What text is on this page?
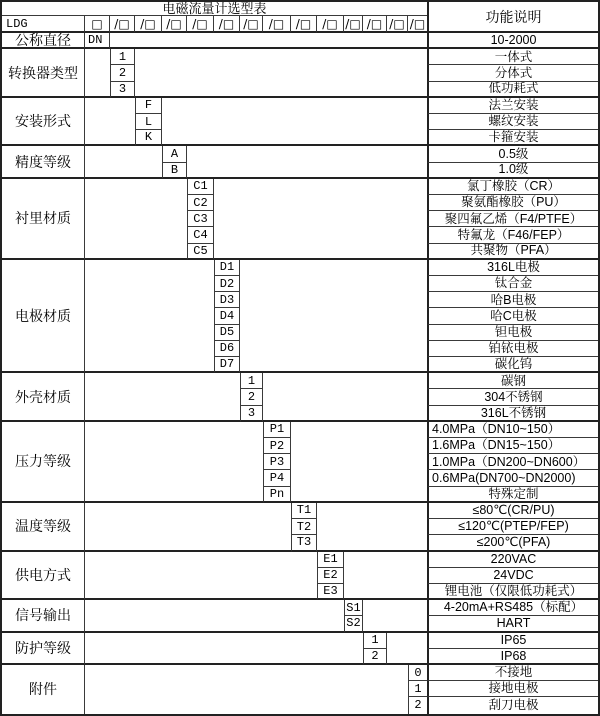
电磁流量计选型表	功能说明
LDG	□ /□ /□ /□ /□ /□ /□ /□ /□ /□ /□ /□ /□ /□
公称直径	DN	10-2000
转换器类型
1	一体式
2	分体式
3	低功耗式
安装形式
F	法兰安装
L	螺纹安装
K	卡箍安装
精度等级	A	0.5级
B	1.0级
衬里材质
C1	氯丁橡胶（CR）
C2	聚氨酯橡胶（PU）
C3	聚四氟乙烯（F4/PTFE）
C4	特氟龙（F46/FEP）
C5	共聚物（PFA）
电极材质
D1	316L电极
D2	钛合金
D3	哈B电极
D4	哈C电极
D5	钽电极
D6	铂铱电极
D7	碳化钨
外壳材质
1	碳钢
2	304不锈钢
3	316L不锈钢
压力等级
P1	4.0MPa（DN10~150）
P2	1.6MPa（DN15~150）
P3	1.0MPa（DN200~DN600）
P4	0.6MPa(DN700~DN2000)
Pn	特殊定制
温度等级
T1	≤80℃(CR/PU)
T2	≤120℃(PTEP/FEP)
T3	≤200℃(PFA)
供电方式
E1	220VAC
E2	24VDC
E3	锂电池（仅限低功耗式）
信号输出	S1	4-20mA+RS485（标配）
S2	HART
防护等级	1	IP65
2	IP68
附件
0	不接地
1	接地电极
2	刮刀电极
